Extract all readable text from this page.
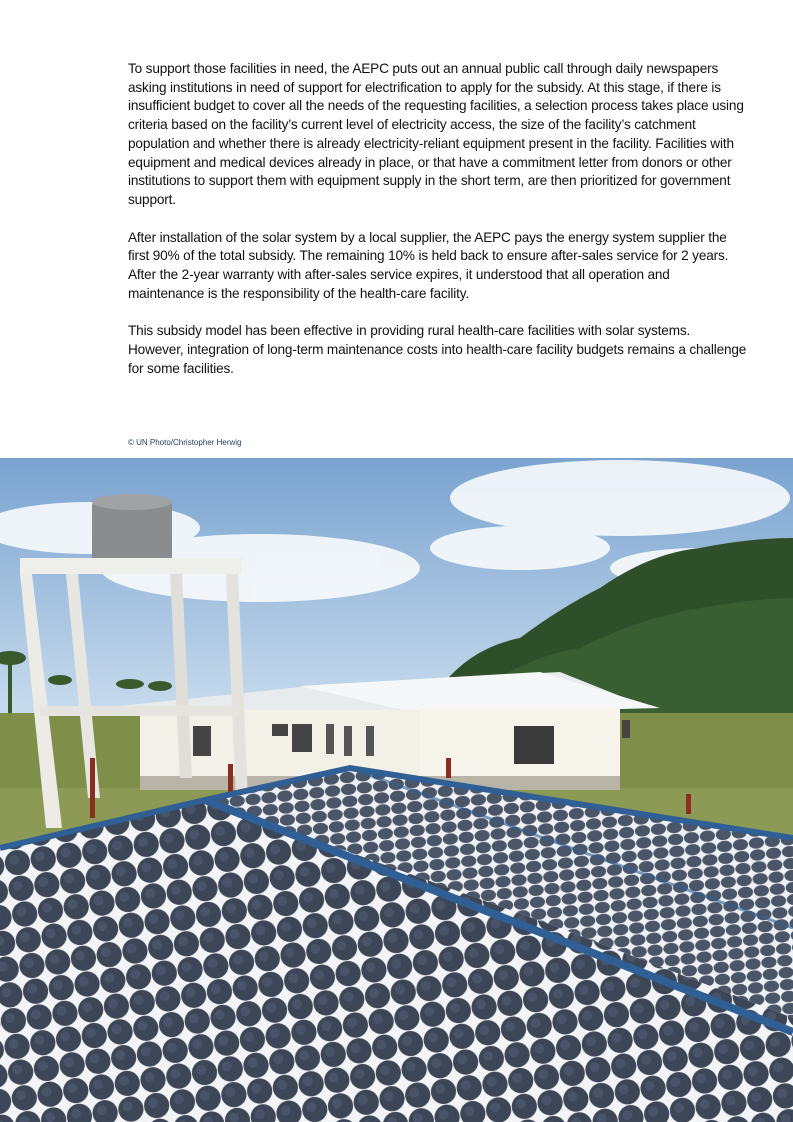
To support those facilities in need, the AEPC puts out an annual public call through daily newspapers asking institutions in need of support for electrification to apply for the subsidy. At this stage, if there is insufficient budget to cover all the needs of the requesting facilities, a selection process takes place using criteria based on the facility’s current level of electricity access, the size of the facility’s catchment population and whether there is already electricity-reliant equipment present in the facility. Facilities with equipment and medical devices already in place, or that have a commitment letter from donors or other institutions to support them with equipment supply in the short term, are then prioritized for government support.

After installation of the solar system by a local supplier, the AEPC pays the energy system supplier the first 90% of the total subsidy. The remaining 10% is held back to ensure after-sales service for 2 years. After the 2-year warranty with after-sales service expires, it understood that all operation and maintenance is the responsibility of the health-care facility.

This subsidy model has been effective in providing rural health-care facilities with solar systems. However, integration of long-term maintenance costs into health-care facility budgets remains a challenge for some facilities.

© UN Photo/Christopher Herwig
